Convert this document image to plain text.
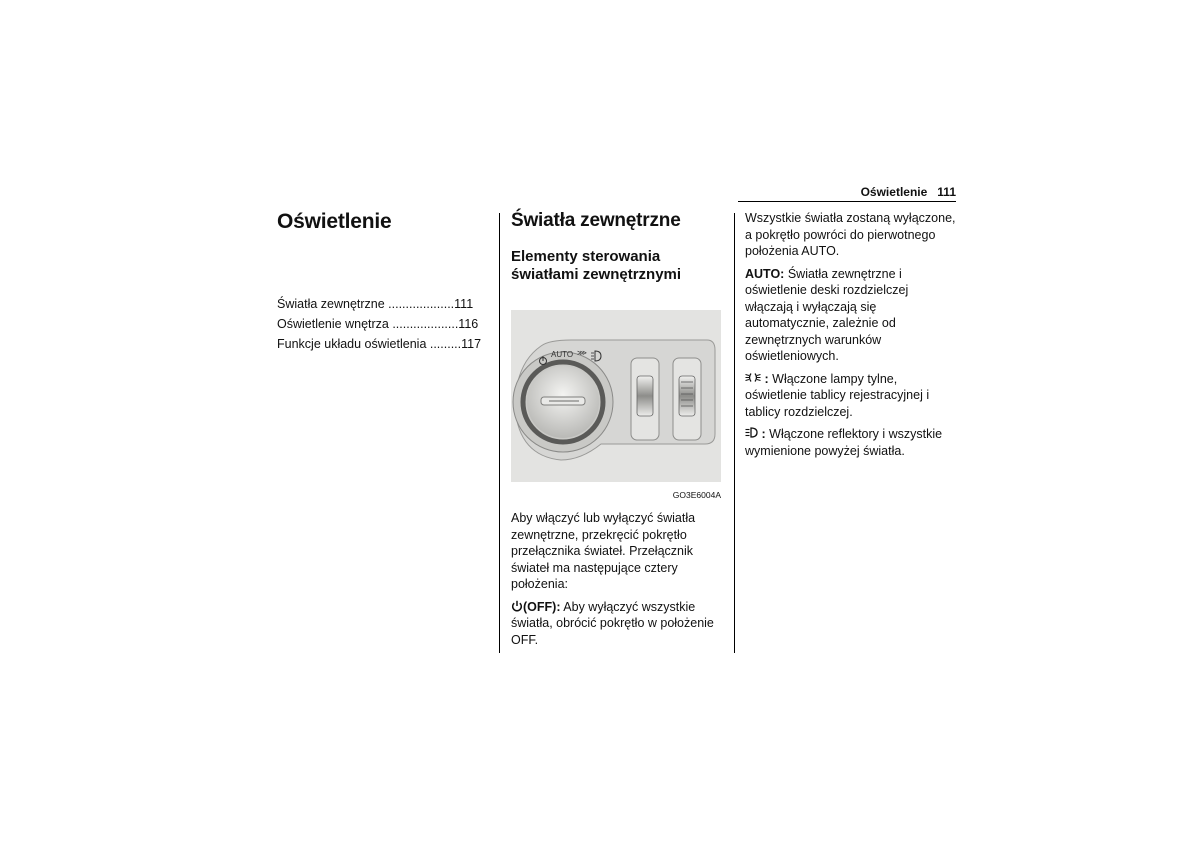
Oświetlenie 111
Oświetlenie
Światła zewnętrzne ...................111
Oświetlenie wnętrza ...................116
Funkcje układu oświetlenia .........117
Światła zewnętrzne
Elementy sterowania światłami zewnętrznymi
AUTO ⋙
GO3E6004A

Aby włączyć lub wyłączyć światła zewnętrzne, przekręcić pokrętło przełącznika świateł. Przełącznik świateł ma następujące cztery położenia:

(OFF): Aby wyłączyć wszystkie światła, obrócić pokrętło w położenie OFF.

Wszystkie światła zostaną wyłączone, a pokrętło powróci do pierwotnego położenia AUTO.

AUTO: Światła zewnętrzne i oświetlenie deski rozdzielczej włączają i wyłączają się automatycznie, zależnie od zewnętrznych warunków oświetleniowych.

: Włączone lampy tylne, oświetlenie tablicy rejestracyjnej i tablicy rozdzielczej.

: Włączone reflektory i wszystkie wymienione powyżej światła.
